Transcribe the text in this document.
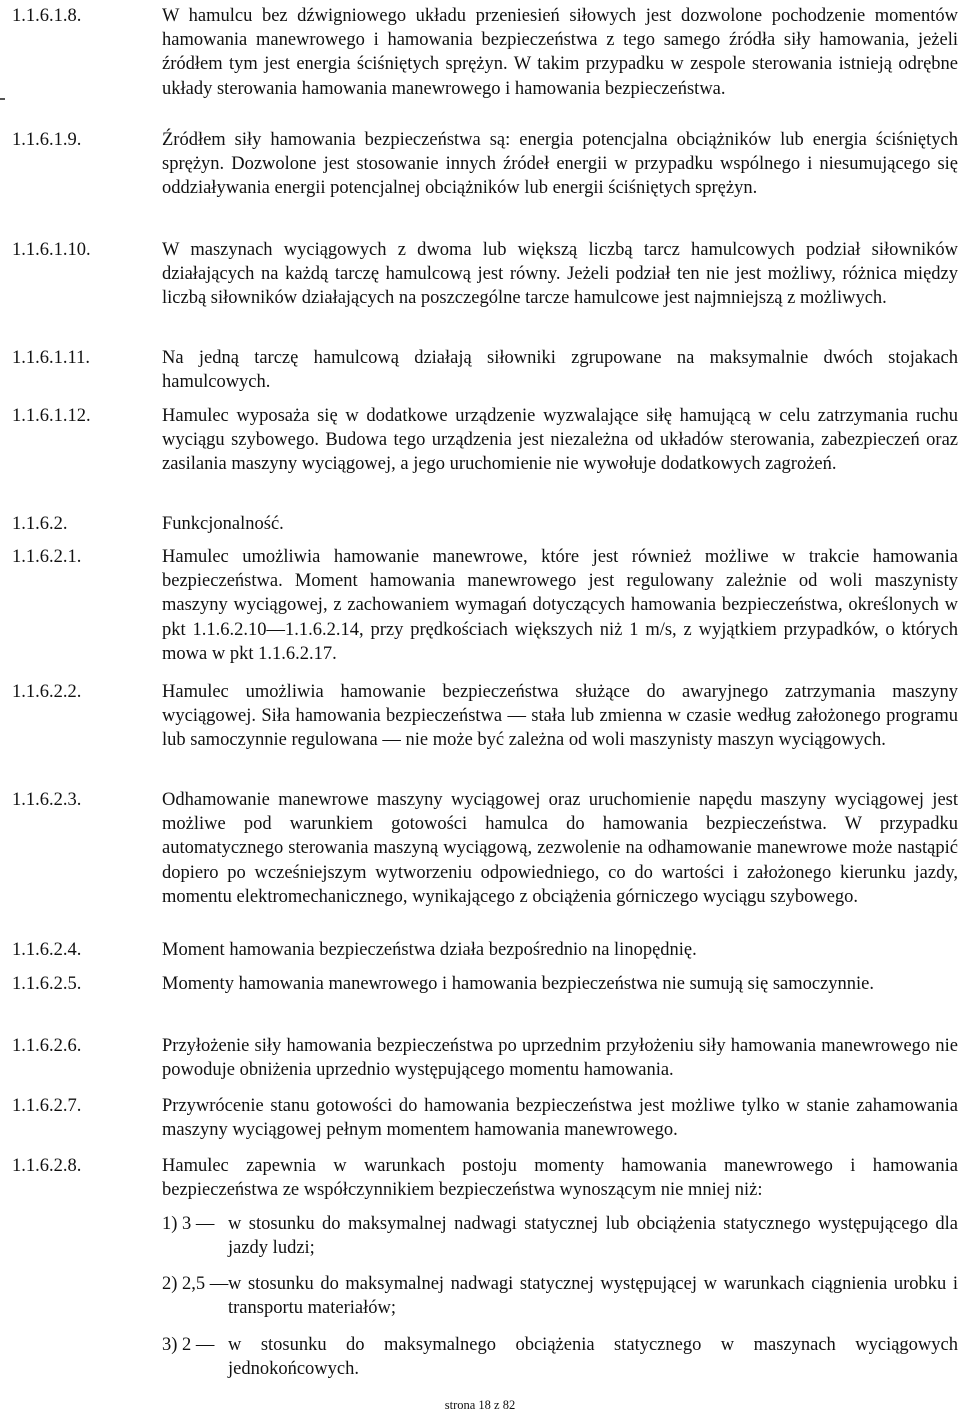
1.1.6.1.8.	W hamulcu bez dźwigniowego układu przeniesień siłowych jest dozwolone pochodzenie momentów hamowania manewrowego i hamowania bezpieczeństwa z tego samego źródła siły hamowania, jeżeli źródłem tym jest energia ściśniętych sprężyn. W takim przypadku w zespole sterowania istnieją odrębne układy sterowania hamowania manewrowego i hamowania bezpieczeństwa.
1.1.6.1.9.	Źródłem siły hamowania bezpieczeństwa są: energia potencjalna obciążników lub energia ściśniętych sprężyn. Dozwolone jest stosowanie innych źródeł energii w przypadku wspólnego i niesumującego się oddziaływania energii potencjalnej obciążników lub energii ściśniętych sprężyn.
1.1.6.1.10.	W maszynach wyciągowych z dwoma lub większą liczbą tarcz hamulcowych podział siłowników działających na każdą tarczę hamulcową jest równy. Jeżeli podział ten nie jest możliwy, różnica między liczbą siłowników działających na poszczególne tarcze hamulcowe jest najmniejszą z możliwych.
1.1.6.1.11.	Na jedną tarczę hamulcową działają siłowniki zgrupowane na maksymalnie dwóch stojakach hamulcowych.
1.1.6.1.12.	Hamulec wyposaża się w dodatkowe urządzenie wyzwalające siłę hamującą w celu zatrzymania ruchu wyciągu szybowego. Budowa tego urządzenia jest niezależna od układów sterowania, zabezpieczeń oraz zasilania maszyny wyciągowej, a jego uruchomienie nie wywołuje dodatkowych zagrożeń.
1.1.6.2.	Funkcjonalność.
1.1.6.2.1.	Hamulec umożliwia hamowanie manewrowe, które jest również możliwe w trakcie hamowania bezpieczeństwa. Moment hamowania manewrowego jest regulowany zależnie od woli maszynisty maszyny wyciągowej, z zachowaniem wymagań dotyczących hamowania bezpieczeństwa, określonych w pkt 1.1.6.2.10—1.1.6.2.14, przy prędkościach większych niż 1 m/s, z wyjątkiem przypadków, o których mowa w pkt 1.1.6.2.17.
1.1.6.2.2.	Hamulec umożliwia hamowanie bezpieczeństwa służące do awaryjnego zatrzymania maszyny wyciągowej. Siła hamowania bezpieczeństwa — stała lub zmienna w czasie według założonego programu lub samoczynnie regulowana — nie może być zależna od woli maszynisty maszyn wyciągowych.
1.1.6.2.3.	Odhamowanie manewrowe maszyny wyciągowej oraz uruchomienie napędu maszyny wyciągowej jest możliwe pod warunkiem gotowości hamulca do hamowania bezpieczeństwa. W przypadku automatycznego sterowania maszyną wyciągową, zezwolenie na odhamowanie manewrowe może nastąpić dopiero po wcześniejszym wytworzeniu odpowiedniego, co do wartości i założonego kierunku jazdy, momentu elektromechanicznego, wynikającego z obciążenia górniczego wyciągu szybowego.
1.1.6.2.4.	Moment hamowania bezpieczeństwa działa bezpośrednio na linopędnię.
1.1.6.2.5.	Momenty hamowania manewrowego i hamowania bezpieczeństwa nie sumują się samoczynnie.
1.1.6.2.6.	Przyłożenie siły hamowania bezpieczeństwa po uprzednim przyłożeniu siły hamowania manewrowego nie powoduje obniżenia uprzednio występującego momentu hamowania.
1.1.6.2.7.	Przywrócenie stanu gotowości do hamowania bezpieczeństwa jest możliwe tylko w stanie zahamowania maszyny wyciągowej pełnym momentem hamowania manewrowego.
1.1.6.2.8.	Hamulec zapewnia w warunkach postoju momenty hamowania manewrowego i hamowania bezpieczeństwa ze współczynnikiem bezpieczeństwa wynoszącym nie mniej niż:
1) 3 — w stosunku do maksymalnej nadwagi statycznej lub obciążenia statycznego występującego dla jazdy ludzi;
2) 2,5 — w stosunku do maksymalnej nadwagi statycznej występującej w warunkach ciągnienia urobku i transportu materiałów;
3) 2 — w stosunku do maksymalnego obciążenia statycznego w maszynach wyciągowych jednokońcowych.
strona 18 z 82
